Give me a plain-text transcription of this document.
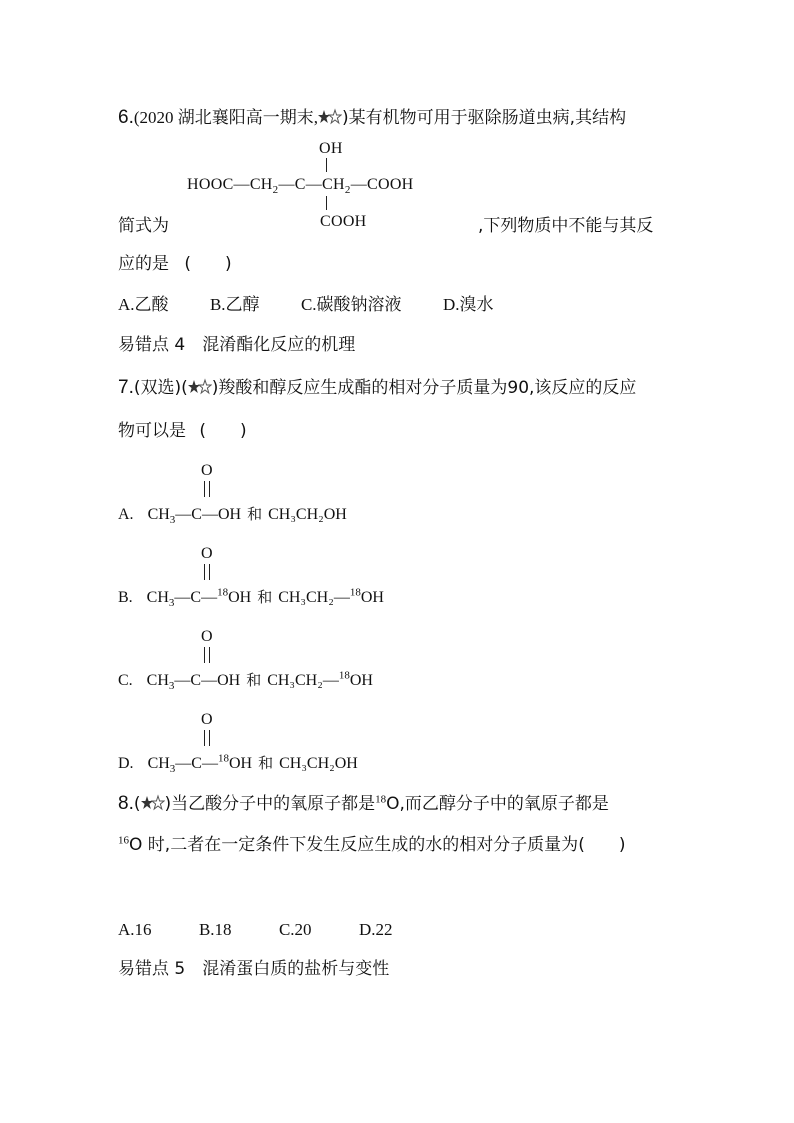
6.(2020 湖北襄阳高一期末, )某有机物可用于驱除肠道虫病,其结构
OH
$HOOC—CH_2—C—CH_2—COOH$
COOH
简式为	,下列物质中不能与其反
应的是 (　　)
A.乙酸 B.乙醇 C.碳酸钠溶液 D.溴水
易错点 4　混淆酯化反应的机理
7.(双选)( )羧酸和醇反应生成酯的相对分子质量为90,该反应的反应
物可以是 (　　)
O
A. $CH_3—C—OH$ 和 CH₃CH₂OH
O
B. $CH_3—C—^{18}OH$ 和 CH₃CH₂—$^{18}$OH
O
C. $CH_3—C—OH$ 和 CH₃CH₂—$^{18}$OH
O
D. $CH_3—C—^{18}OH$ 和 CH₃CH₂OH
8.( )当乙酸分子中的氧原子都是$^{18}$O,而乙醇分子中的氧原子都是
$^{16}$O 时,二者在一定条件下发生反应生成的水的相对分子质量为(　　)
A.16	B.18	C.20	D.22
易错点 5　混淆蛋白质的盐析与变性
